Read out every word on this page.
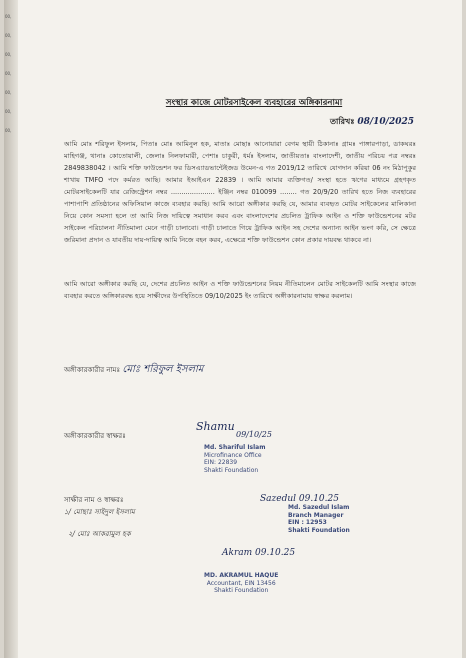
00,
00,
00,
00,
00,
00,
00,
সংস্থার কাজে মোটরসাইকেল ব্যবহারের অঙ্গিকারনামা
তারিখঃ 08/10/2025
আমি মোঃ শরিফুল ইসলাম, পিতাঃ মোঃ আমিনুল হক, মাতাঃ মোছাঃ আনোয়ারা বেগম স্থায়ী ঠিকানাঃ গ্রামঃ পাঙ্গারপাড়া, ডাকঘরঃ মাহিগঞ্জ, থানাঃ কোতোয়ালী, জেলাঃ নিলফামারী, পেশাঃ চাকুরী, ধর্মঃ ইসলাম, জাতীয়তাঃ বাংলাদেশী, জাতীয় পরিচয় পত্র নম্বরঃ 2849838042 । আমি শক্তি ফাউন্ডেশন ফর ডিসএ্যাডভান্টেইজড উমেন-এ গত 2019/12 তারিখে যোগদান করিয়া 06 নং মিঠাপুকুর শাখায় TMFO পদে কর্মরত আছি। আমার ইআইএন 22839 । আমি আমার ব্যক্তিগত/ সংস্থা হতে ঋণের মাধ্যমে গ্রহণকৃত মোটরসাইকেলটি যার রেজিস্ট্রেশন নম্বর ..................... ইঞ্জিন নম্বর 010099 ........ গত 20/9/20 তারিখ হতে নিজ ব্যবহারের পাশাপাশি প্রতিষ্ঠানের অফিসিয়াল কাজে ব্যবহার করছি। আমি আরো অঙ্গীকার করছি যে, আমার ব্যবহৃত মোটর সাইকেলের মালিকানা নিয়ে কোন সমস্যা হলে তা আমি নিজ দায়িত্বে সমাধান করব এবং বাংলাদেশের প্রচলিত ট্রাফিক আইন ও শক্তি ফাউন্ডেশনের মটর সাইকেল পরিচালনা নীতিমালা মেনে গাড়ী চালাবো। গাড়ী চালাতে গিয়ে ট্রাফিক আইন সহ দেশের অন্যান্য আইন ভংগ করি, সে ক্ষেত্রে জরিমানা প্রদান ও যাবতীয় দায়-দায়িত্ব আমি নিজে বহন করব, এক্ষেত্রে শক্তি ফাউন্ডেশন কোন প্রকার দায়বদ্ধ থাকবে না।
আমি আরো অঙ্গীকার করছি যে, দেশের প্রচলিত আইন ও শক্তি ফাউন্ডেশনের নিয়ম নীতিমালেন মোটর সাইকেলটি আমি সংস্থার কাজে ব্যবহার করতে অঙ্গিকারবদ্ধ হয়ে সাক্ষীদের উপস্থিতিতে 09/10/2025 ইং তারিখে অঙ্গীকারনামায় স্বাক্ষর করলাম।
অঙ্গীকারকারীর নামঃ মোঃ শরিফুল ইসলাম
অঙ্গীকারকারীর স্বাক্ষরঃ
Shamu
09/10/25
Md. Shariful Islam
Microfinance Office
EIN: 22839
Shakti Foundation
সাক্ষীর নাম ও স্বাক্ষরঃ
১/ মোছাঃ সাইদুল ইসলাম
২/ মোঃ আকরামুল হক
Sazedul 09.10.25
Md. Sazedul Islam
Branch Manager
EIN : 12953
Shakti Foundation
Akram 09.10.25
MD. AKRAMUL HAQUE
Accountant, EIN 13456
Shakti Foundation
